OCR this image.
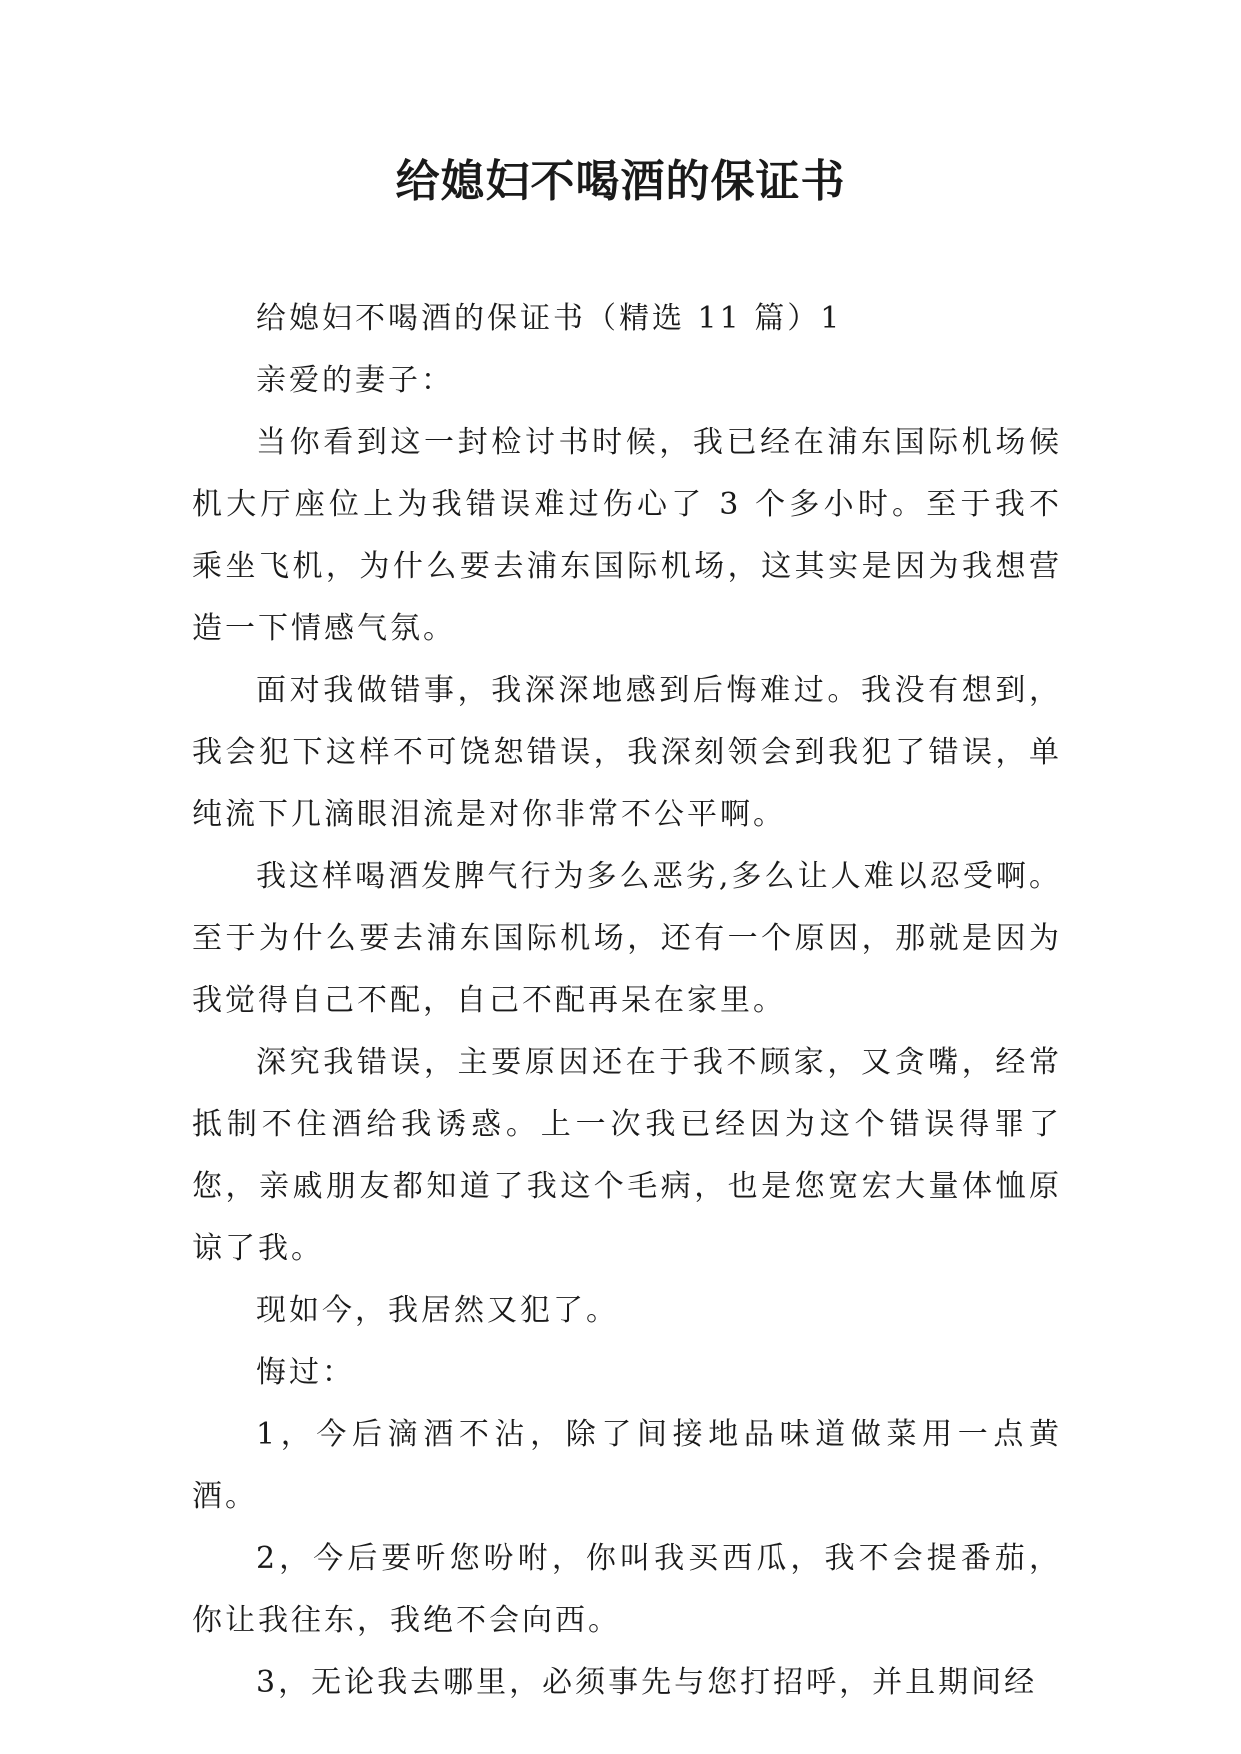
给媳妇不喝酒的保证书

给媳妇不喝酒的保证书（精选 11 篇）1

亲爱的妻子：

当你看到这一封检讨书时候，我已经在浦东国际机场候机大厅座位上为我错误难过伤心了 3 个多小时。至于我不乘坐飞机，为什么要去浦东国际机场，这其实是因为我想营造一下情感气氛。

面对我做错事，我深深地感到后悔难过。我没有想到，我会犯下这样不可饶恕错误，我深刻领会到我犯了错误，单纯流下几滴眼泪流是对你非常不公平啊。

我这样喝酒发脾气行为多么恶劣,多么让人难以忍受啊。至于为什么要去浦东国际机场，还有一个原因，那就是因为我觉得自己不配，自己不配再呆在家里。

深究我错误，主要原因还在于我不顾家，又贪嘴，经常抵制不住酒给我诱惑。上一次我已经因为这个错误得罪了您，亲戚朋友都知道了我这个毛病，也是您宽宏大量体恤原谅了我。

现如今，我居然又犯了。

悔过：

1，今后滴酒不沾，除了间接地品味道做菜用一点黄酒。

2，今后要听您吩咐，你叫我买西瓜，我不会提番茄，你让我往东，我绝不会向西。

3，无论我去哪里，必须事先与您打招呼，并且期间经
